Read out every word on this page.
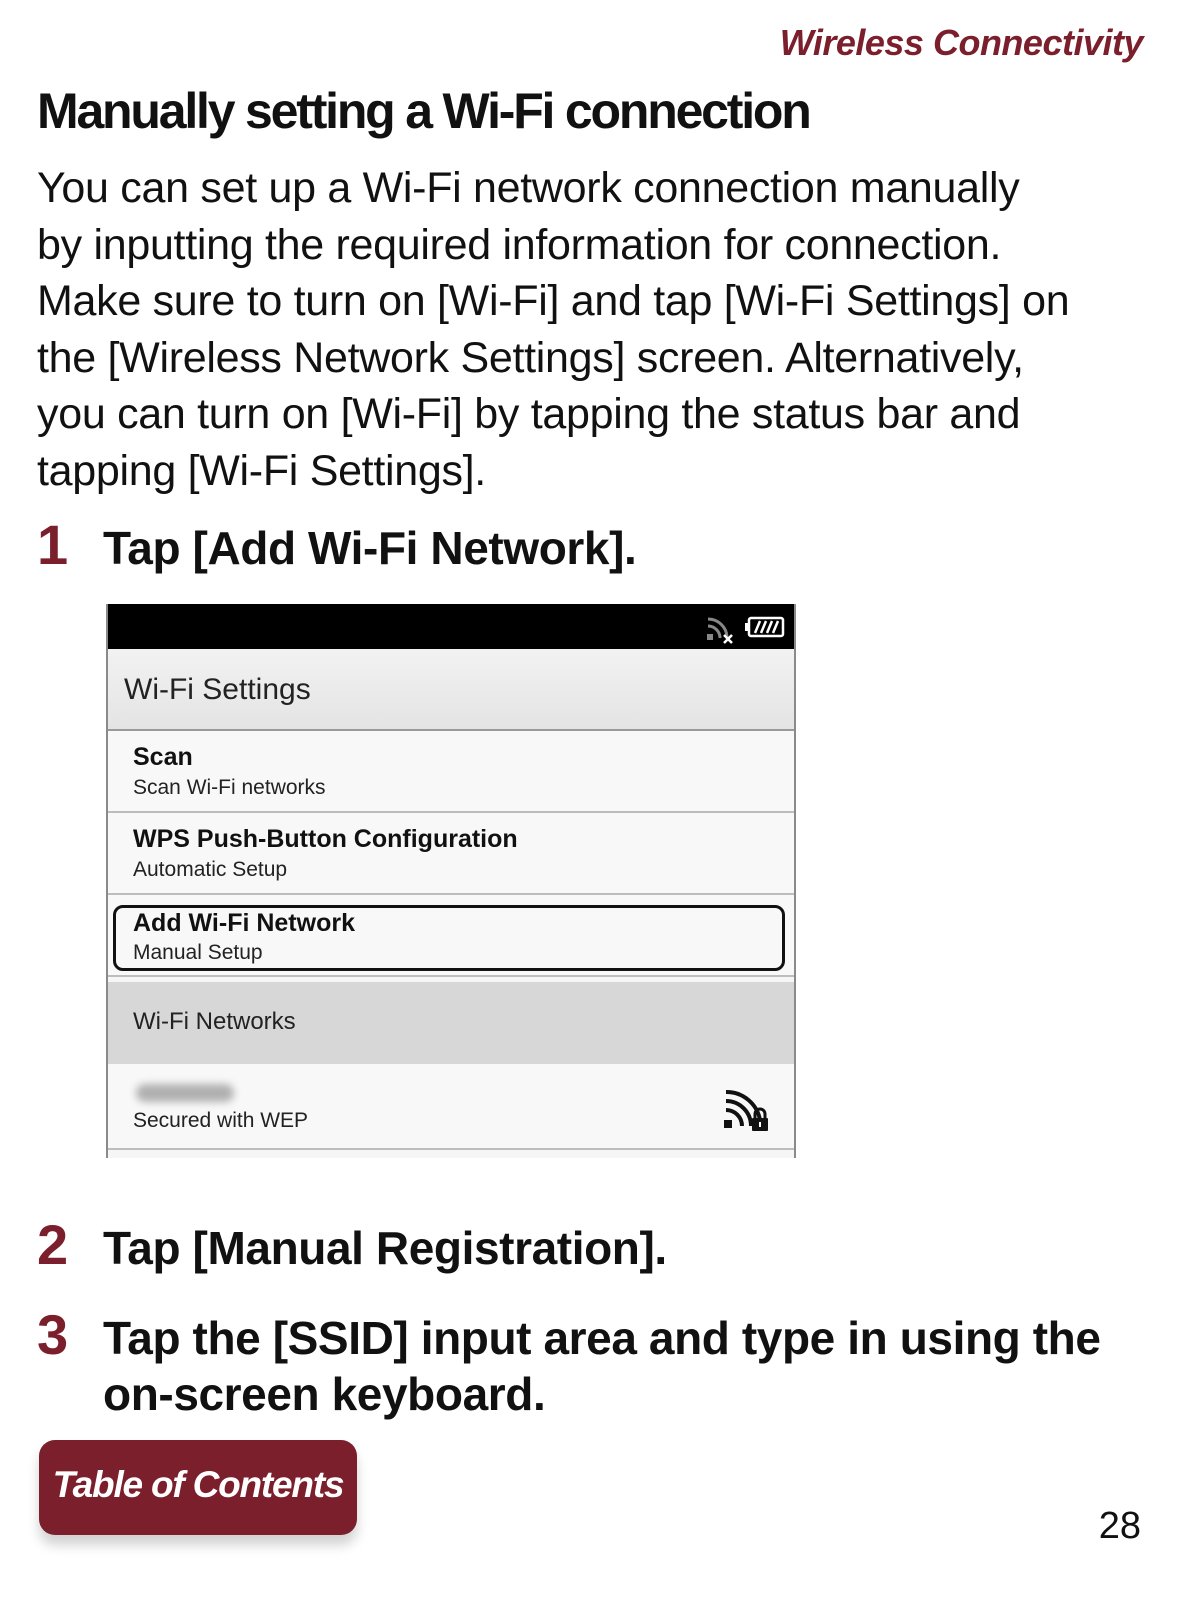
Wireless Connectivity
Manually setting a Wi-Fi connection

You can set up a Wi-Fi network connection manually
by inputting the required information for connection.
Make sure to turn on [Wi-Fi] and tap [Wi-Fi Settings] on
the [Wireless Network Settings] screen. Alternatively,
you can turn on [Wi-Fi] by tapping the status bar and
tapping [Wi-Fi Settings].

1 Tap [Add Wi-Fi Network].
Wi-Fi Settings
Scan
Scan Wi-Fi networks
WPS Push-Button Configuration
Automatic Setup
Add Wi-Fi Network
Manual Setup
Wi-Fi Networks
Secured with WEP
2 Tap [Manual Registration].
3 Tap the [SSID] input area and type in using the on-screen keyboard.
Table of Contents
28
